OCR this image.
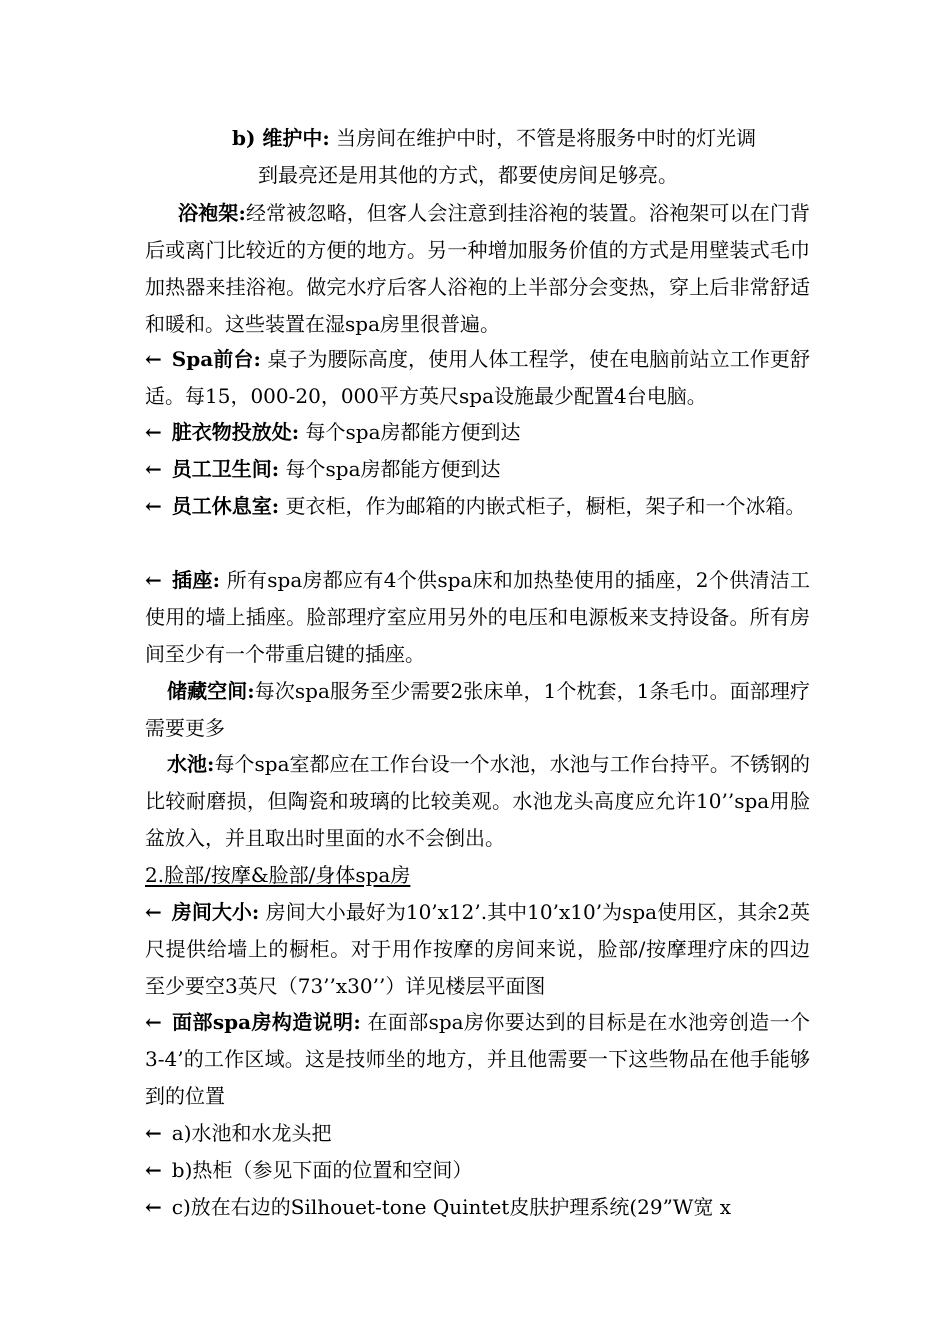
b) 维护中: 当房间在维护中时，不管是将服务中时的灯光调

到最亮还是用其他的方式，都要使房间足够亮。

浴袍架:经常被忽略，但客人会注意到挂浴袍的装置。浴袍架可以在门背后或离门比较近的方便的地方。另一种增加服务价值的方式是用壁装式毛巾加热器来挂浴袍。做完水疗后客人浴袍的上半部分会变热，穿上后非常舒适和暖和。这些装置在湿spa房里很普遍。

← Spa前台: 桌子为腰际高度，使用人体工程学，使在电脑前站立工作更舒适。每15，000-20，000平方英尺spa设施最少配置4台电脑。

← 脏衣物投放处: 每个spa房都能方便到达

← 员工卫生间: 每个spa房都能方便到达

← 员工休息室: 更衣柜，作为邮箱的内嵌式柜子，橱柜，架子和一个冰箱。

← 插座: 所有spa房都应有4个供spa床和加热垫使用的插座，2个供清洁工使用的墙上插座。脸部理疗室应用另外的电压和电源板来支持设备。所有房间至少有一个带重启键的插座。

储藏空间:每次spa服务至少需要2张床单，1个枕套，1条毛巾。面部理疗需要更多

水池:每个spa室都应在工作台设一个水池，水池与工作台持平。不锈钢的比较耐磨损，但陶瓷和玻璃的比较美观。水池龙头高度应允许10’’spa用脸盆放入，并且取出时里面的水不会倒出。

2.脸部/按摩&脸部/身体spa房

← 房间大小: 房间大小最好为10’x12’.其中10’x10’为spa使用区，其余2英尺提供给墙上的橱柜。对于用作按摩的房间来说，脸部/按摩理疗床的四边至少要空3英尺（73’’x30’’）详见楼层平面图

← 面部spa房构造说明: 在面部spa房你要达到的目标是在水池旁创造一个3-4’的工作区域。这是技师坐的地方，并且他需要一下这些物品在他手能够到的位置

← a)水池和水龙头把

← b)热柜（参见下面的位置和空间）

← c)放在右边的Silhouet-tone Quintet皮肤护理系统(29”W宽 x
